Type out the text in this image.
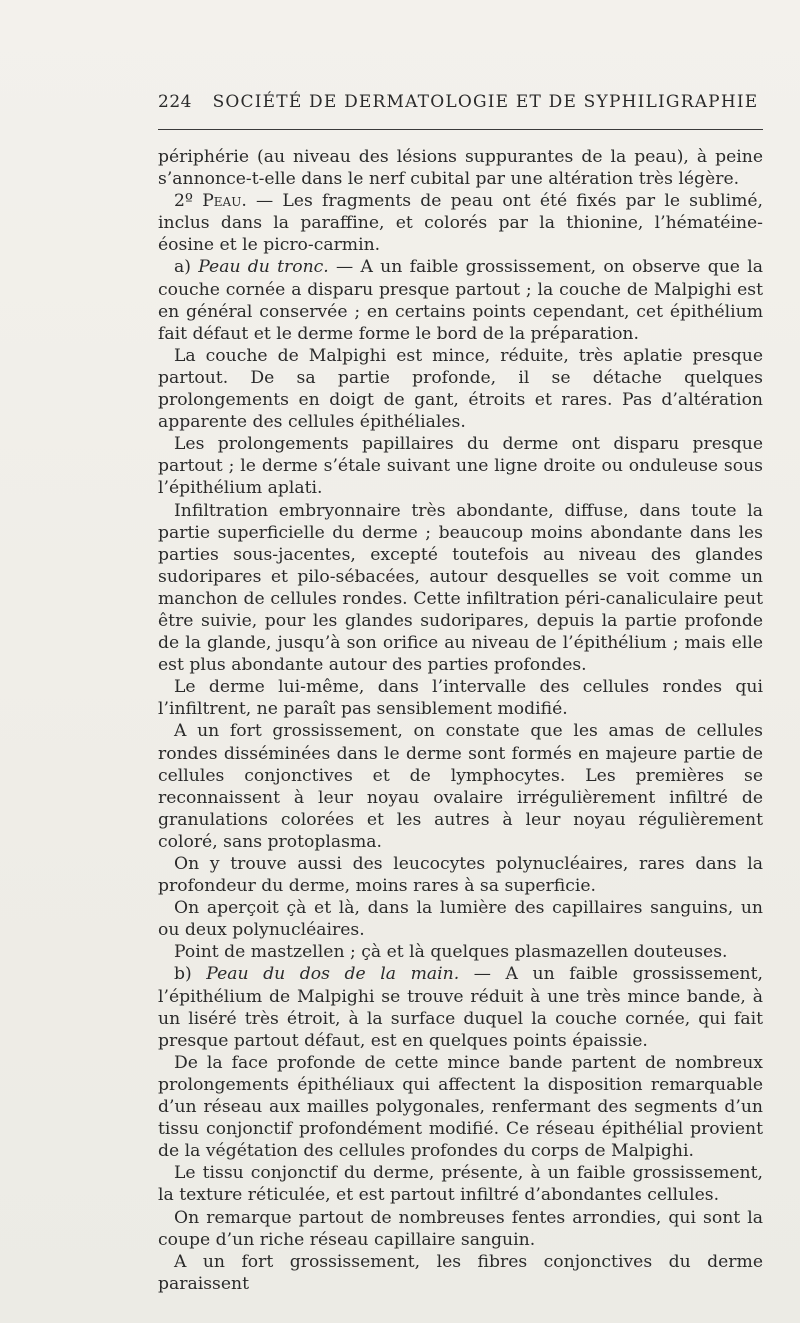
224 SOCIÉTÉ DE DERMATOLOGIE ET DE SYPHILIGRAPHIE

périphérie (au niveau des lésions suppurantes de la peau), à peine s’annonce-t-elle dans le nerf cubital par une altération très légère.

2º Peau. — Les fragments de peau ont été fixés par le sublimé, inclus dans la paraffine, et colorés par la thionine, l’hématéine-éosine et le picro-carmin.

a) Peau du tronc. — A un faible grossissement, on observe que la couche cornée a disparu presque partout ; la couche de Malpighi est en général conservée ; en certains points cependant, cet épithélium fait défaut et le derme forme le bord de la préparation.

La couche de Malpighi est mince, réduite, très aplatie presque partout. De sa partie profonde, il se détache quelques prolongements en doigt de gant, étroits et rares. Pas d’altération apparente des cellules épithéliales.

Les prolongements papillaires du derme ont disparu presque partout ; le derme s’étale suivant une ligne droite ou onduleuse sous l’épithélium aplati.

Infiltration embryonnaire très abondante, diffuse, dans toute la partie superficielle du derme ; beaucoup moins abondante dans les parties sous-jacentes, excepté toutefois au niveau des glandes sudoripares et pilo-sébacées, autour desquelles se voit comme un manchon de cellules rondes. Cette infiltration péri-canaliculaire peut être suivie, pour les glandes sudoripares, depuis la partie profonde de la glande, jusqu’à son orifice au niveau de l’épithélium ; mais elle est plus abondante autour des parties profondes.

Le derme lui-même, dans l’intervalle des cellules rondes qui l’infiltrent, ne paraît pas sensiblement modifié.

A un fort grossissement, on constate que les amas de cellules rondes disséminées dans le derme sont formés en majeure partie de cellules conjonctives et de lymphocytes. Les premières se reconnaissent à leur noyau ovalaire irrégulièrement infiltré de granulations colorées et les autres à leur noyau régulièrement coloré, sans protoplasma.

On y trouve aussi des leucocytes polynucléaires, rares dans la profondeur du derme, moins rares à sa superficie.

On aperçoit çà et là, dans la lumière des capillaires sanguins, un ou deux polynucléaires.

Point de mastzellen ; çà et là quelques plasmazellen douteuses.

b) Peau du dos de la main. — A un faible grossissement, l’épithélium de Malpighi se trouve réduit à une très mince bande, à un liséré très étroit, à la surface duquel la couche cornée, qui fait presque partout défaut, est en quelques points épaissie.

De la face profonde de cette mince bande partent de nombreux prolongements épithéliaux qui affectent la disposition remarquable d’un réseau aux mailles polygonales, renfermant des segments d’un tissu conjonctif profondément modifié. Ce réseau épithélial provient de la végétation des cellules profondes du corps de Malpighi.

Le tissu conjonctif du derme, présente, à un faible grossissement, la texture réticulée, et est partout infiltré d’abondantes cellules.

On remarque partout de nombreuses fentes arrondies, qui sont la coupe d’un riche réseau capillaire sanguin.

A un fort grossissement, les fibres conjonctives du derme paraissent
